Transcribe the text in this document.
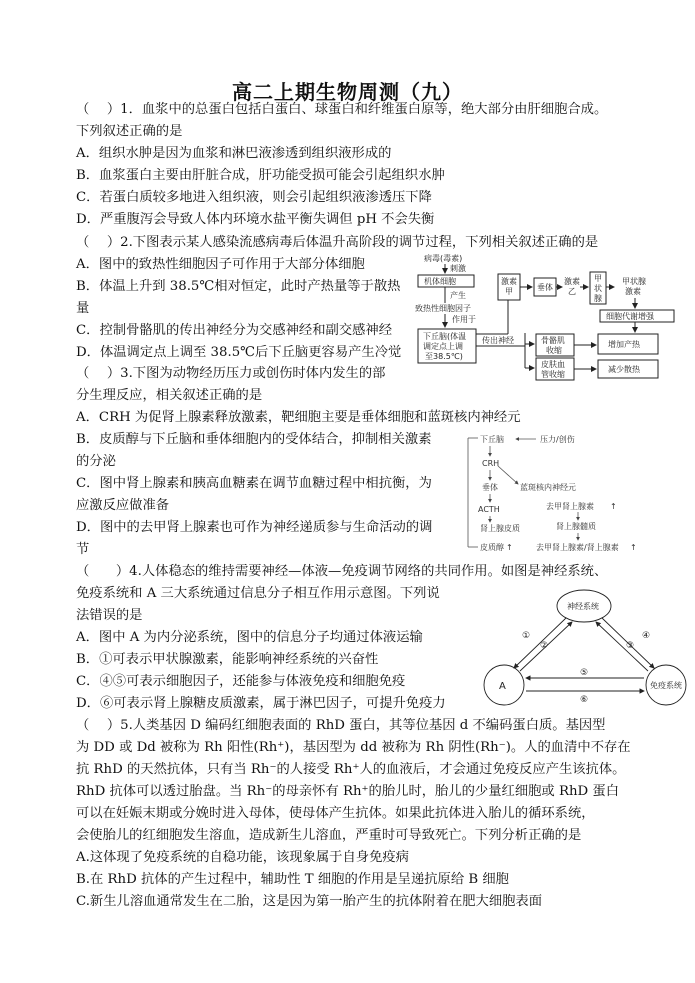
高二上期生物周测（九）
（　 ）1．血浆中的总蛋白包括白蛋白、球蛋白和纤维蛋白原等，绝大部分由肝细胞合成。
下列叙述正确的是
A．组织水肿是因为血浆和淋巴液渗透到组织液形成的
B．血浆蛋白主要由肝脏合成，肝功能受损可能会引起组织水肿
C．若蛋白质较多地进入组织液，则会引起组织液渗透压下降
D．严重腹泻会导致人体内环境水盐平衡失调但 pH 不会失衡
（　 ）2.下图表示某人感染流感病毒后体温升高阶段的调节过程，下列相关叙述正确的是
A．图中的致热性细胞因子可作用于大部分体细胞
B．体温上升到 38.5℃相对恒定，此时产热量等于散热
量
C．控制骨骼肌的传出神经分为交感神经和副交感神经
D．体温调定点上调至 38.5℃后下丘脑更容易产生冷觉
（　 ）3.下图为动物经历压力或创伤时体内发生的部
分生理反应，相关叙述正确的是
A．CRH 为促肾上腺素释放激素，靶细胞主要是垂体细胞和蓝斑核内神经元
B．皮质醇与下丘脑和垂体细胞内的受体结合，抑制相关激素
的分泌
C．图中肾上腺素和胰高血糖素在调节血糖过程中相抗衡，为
应激反应做准备
D．图中的去甲肾上腺素也可作为神经递质参与生命活动的调
节
（　　）4.人体稳态的维持需要神经—体液—免疫调节网络的共同作用。如图是神经系统、
免疫系统和 A 三大系统通过信息分子相互作用示意图。下列说
法错误的是
A．图中 A 为内分泌系统，图中的信息分子均通过体液运输
B．①可表示甲状腺激素，能影响神经系统的兴奋性
C．④⑤可表示细胞因子，还能参与体液免疫和细胞免疫
D．⑥可表示肾上腺糖皮质激素，属于淋巴因子，可提升免疫力
（　 ）5.人类基因 D 编码红细胞表面的 RhD 蛋白，其等位基因 d 不编码蛋白质。基因型
为 DD 或 Dd 被称为 Rh 阳性(Rh⁺)，基因型为 dd 被称为 Rh 阴性(Rh⁻)。人的血清中不存在
抗 RhD 的天然抗体，只有当 Rh⁻的人接受 Rh⁺人的血液后，才会通过免疫反应产生该抗体。
RhD 抗体可以透过胎盘。当 Rh⁻的母亲怀有 Rh⁺的胎儿时，胎儿的少量红细胞或 RhD 蛋白
可以在妊娠末期或分娩时进入母体，使母体产生抗体。如果此抗体进入胎儿的循环系统，
会使胎儿的红细胞发生溶血，造成新生儿溶血，严重时可导致死亡。下列分析正确的是
A.这体现了免疫系统的自稳功能，该现象属于自身免疫病
B.在 RhD 抗体的产生过程中，辅助性 T 细胞的作用是呈递抗原给 B 细胞
C.新生儿溶血通常发生在二胎，这是因为第一胎产生的抗体附着在肥大细胞表面
病毒(毒素)
刺激
机体细胞
产生
致热性细胞因子
作用于
下丘脑(体温
调定点上调
至38.5℃)
传出神经
激素
甲	垂体
激素
乙
甲
状
腺
甲状腺
激素
细胞代谢增强
骨骼肌
收缩
增加产热
皮肤血
管收缩
减少散热
下丘脑	压力/创伤
CRH
垂体	蓝斑核内神经元
ACTH	去甲肾上腺素 ↑
肾上腺皮质	肾上腺髓质
皮质醇 ↑	去甲肾上腺素/肾上腺素 ↑
神经系统
A	免疫系统
①
②	③
④
⑤
⑥
